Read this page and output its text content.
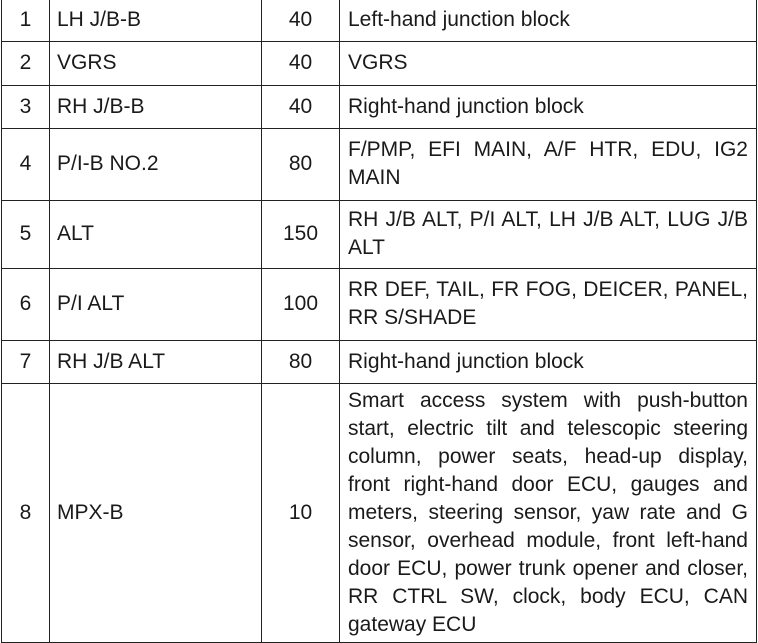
1	LH J/B-B	40	Left-hand junction block
2	VGRS	40	VGRS
3	RH J/B-B	40	Right-hand junction block
4	P/I-B NO.2	80	F/PMP, EFI MAIN, A/F HTR, EDU, IG2 MAIN
5	ALT	150	RH J/B ALT, P/I ALT, LH J/B ALT, LUG J/B ALT
6	P/I ALT	100	RR DEF, TAIL, FR FOG, DEICER, PANEL, RR S/SHADE
7	RH J/B ALT	80	Right-hand junction block
8	MPX-B	10	Smart access system with push-button start, electric tilt and telescopic steering column, power seats, head-up display, front right-hand door ECU, gauges and meters, steering sensor, yaw rate and G sensor, overhead module, front left-hand door ECU, power trunk opener and closer, RR CTRL SW, clock, body ECU, CAN gateway ECU
